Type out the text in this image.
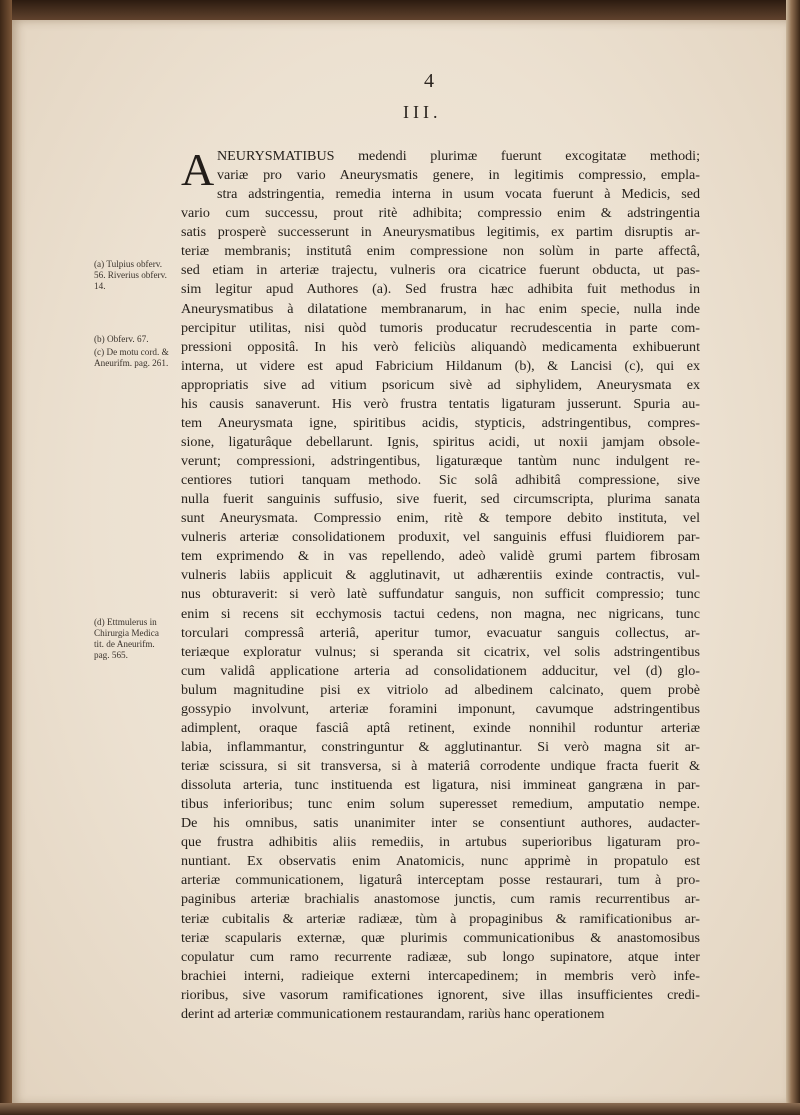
4
III.
(a) Tulpius obferv. 56. Riverius obferv. 14.
(b) Obferv. 67.
(c) De motu cord. & Aneurifm. pag. 261.
(d) Ettmulerus in Chirurgia Medica tit. de Aneurifm. pag. 565.
A NEURYSMATIBUS medendi plurimæ fuerunt excogitatæ methodi;
variæ pro vario Aneurysmatis genere, in legitimis compressio, empla-
stra adstringentia, remedia interna in usum vocata fuerunt à Medicis, sed
vario cum successu, prout ritè adhibita; compressio enim & adstringentia
satis prosperè successerunt in Aneurysmatibus legitimis, ex partim disruptis ar-
teriæ membranis; institutâ enim compressione non solùm in parte affectâ,
sed etiam in arteriæ trajectu, vulneris ora cicatrice fuerunt obducta, ut pas-
sim legitur apud Authores (a). Sed frustra hæc adhibita fuit methodus in
Aneurysmatibus à dilatatione membranarum, in hac enim specie, nulla inde
percipitur utilitas, nisi quòd tumoris producatur recrudescentia in parte com-
pressioni oppositâ. In his verò feliciùs aliquandò medicamenta exhibuerunt
interna, ut videre est apud Fabricium Hildanum (b), & Lancisi (c), qui ex
appropriatis sive ad vitium psoricum sivè ad siphylidem, Aneurysmata ex
his causis sanaverunt. His verò frustra tentatis ligaturam jusserunt. Spuria au-
tem Aneurysmata igne, spiritibus acidis, stypticis, adstringentibus, compres-
sione, ligaturâque debellarunt. Ignis, spiritus acidi, ut noxii jamjam obsole-
verunt; compressioni, adstringentibus, ligaturæque tantùm nunc indulgent re-
centiores tutiori tanquam methodo. Sic solâ adhibitâ compressione, sive
nulla fuerit sanguinis suffusio, sive fuerit, sed circumscripta, plurima sanata
sunt Aneurysmata. Compressio enim, ritè & tempore debito instituta, vel
vulneris arteriæ consolidationem produxit, vel sanguinis effusi fluidiorem par-
tem exprimendo & in vas repellendo, adeò validè grumi partem fibrosam
vulneris labiis applicuit & agglutinavit, ut adhærentiis exinde contractis, vul-
nus obturaverit: si verò latè suffundatur sanguis, non sufficit compressio; tunc
enim si recens sit ecchymosis tactui cedens, non magna, nec nigricans, tunc
torculari compressâ arteriâ, aperitur tumor, evacuatur sanguis collectus, ar-
teriæque exploratur vulnus; si speranda sit cicatrix, vel solis adstringentibus
cum validâ applicatione arteria ad consolidationem adducitur, vel (d) glo-
bulum magnitudine pisi ex vitriolo ad albedinem calcinato, quem probè
gossypio involvunt, arteriæ foramini imponunt, cavumque adstringentibus
adimplent, oraque fasciâ aptâ retinent, exinde nonnihil roduntur arteriæ
labia, inflammantur, constringuntur & agglutinantur. Si verò magna sit ar-
teriæ scissura, si sit transversa, si à materiâ corrodente undique fracta fuerit &
dissoluta arteria, tunc instituenda est ligatura, nisi immineat gangræna in par-
tibus inferioribus; tunc enim solum superesset remedium, amputatio nempe.
De his omnibus, satis unanimiter inter se consentiunt authores, audacter-
que frustra adhibitis aliis remediis, in artubus superioribus ligaturam pro-
nuntiant. Ex observatis enim Anatomicis, nunc apprimè in propatulo est
arteriæ communicationem, ligaturâ interceptam posse restaurari, tum à pro-
paginibus arteriæ brachialis anastomose junctis, cum ramis recurrentibus ar-
teriæ cubitalis & arteriæ radiææ, tùm à propaginibus & ramificationibus ar-
teriæ scapularis externæ, quæ plurimis communicationibus & anastomosibus
copulatur cum ramo recurrente radiææ, sub longo supinatore, atque inter
brachiei interni, radieique externi intercapedinem; in membris verò infe-
rioribus, sive vasorum ramificationes ignorent, sive illas insufficientes credi-
derint ad arteriæ communicationem restaurandam, rariùs hanc operationem
